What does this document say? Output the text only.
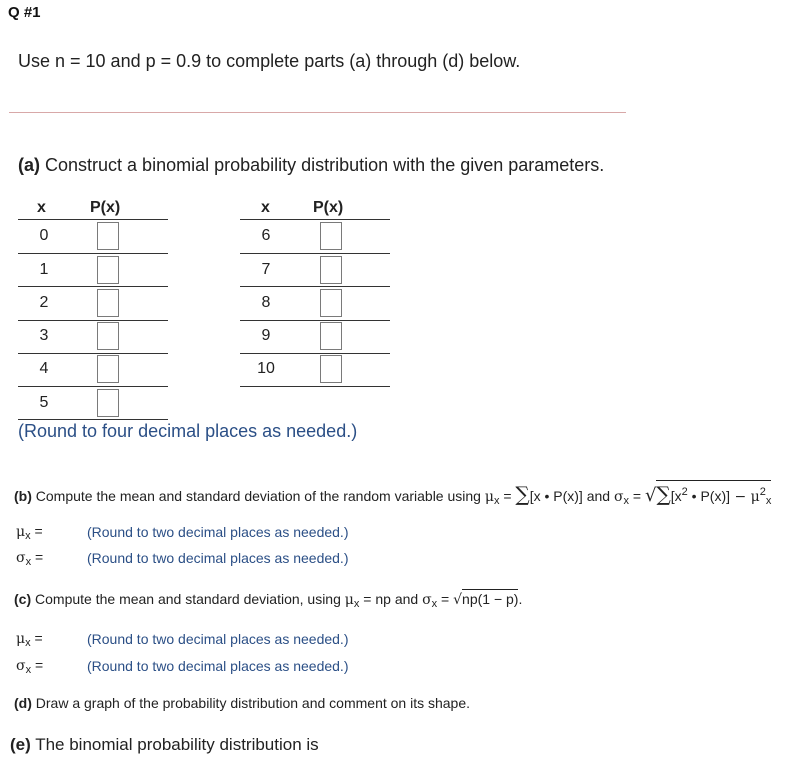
Q #1
Use n = 10 and p = 0.9 to complete parts (a) through (d) below.
(a) Construct a binomial probability distribution with the given parameters.
x	P(x)
0
1
2
3
4
5
x	P(x)
6
7
8
9
10
(Round to four decimal places as needed.)
(b) Compute the mean and standard deviation of the random variable using $\mu_x = \sum[x$ • P(x)] and $\sigma_x = √\sum[x^2$ • $P(x)] - \mu^2_x$
$\mu_x$ =	(Round to two decimal places as needed.)
$\sigma_x$ =	(Round to two decimal places as needed.)
(c) Compute the mean and standard deviation, using $\mu_x$ = np and $\sigma_x = √np(1 - p)$.
$\mu_x$ =	(Round to two decimal places as needed.)
$\sigma_x$ =	(Round to two decimal places as needed.)
(d) Draw a graph of the probability distribution and comment on its shape.
(e) The binomial probability distribution is
